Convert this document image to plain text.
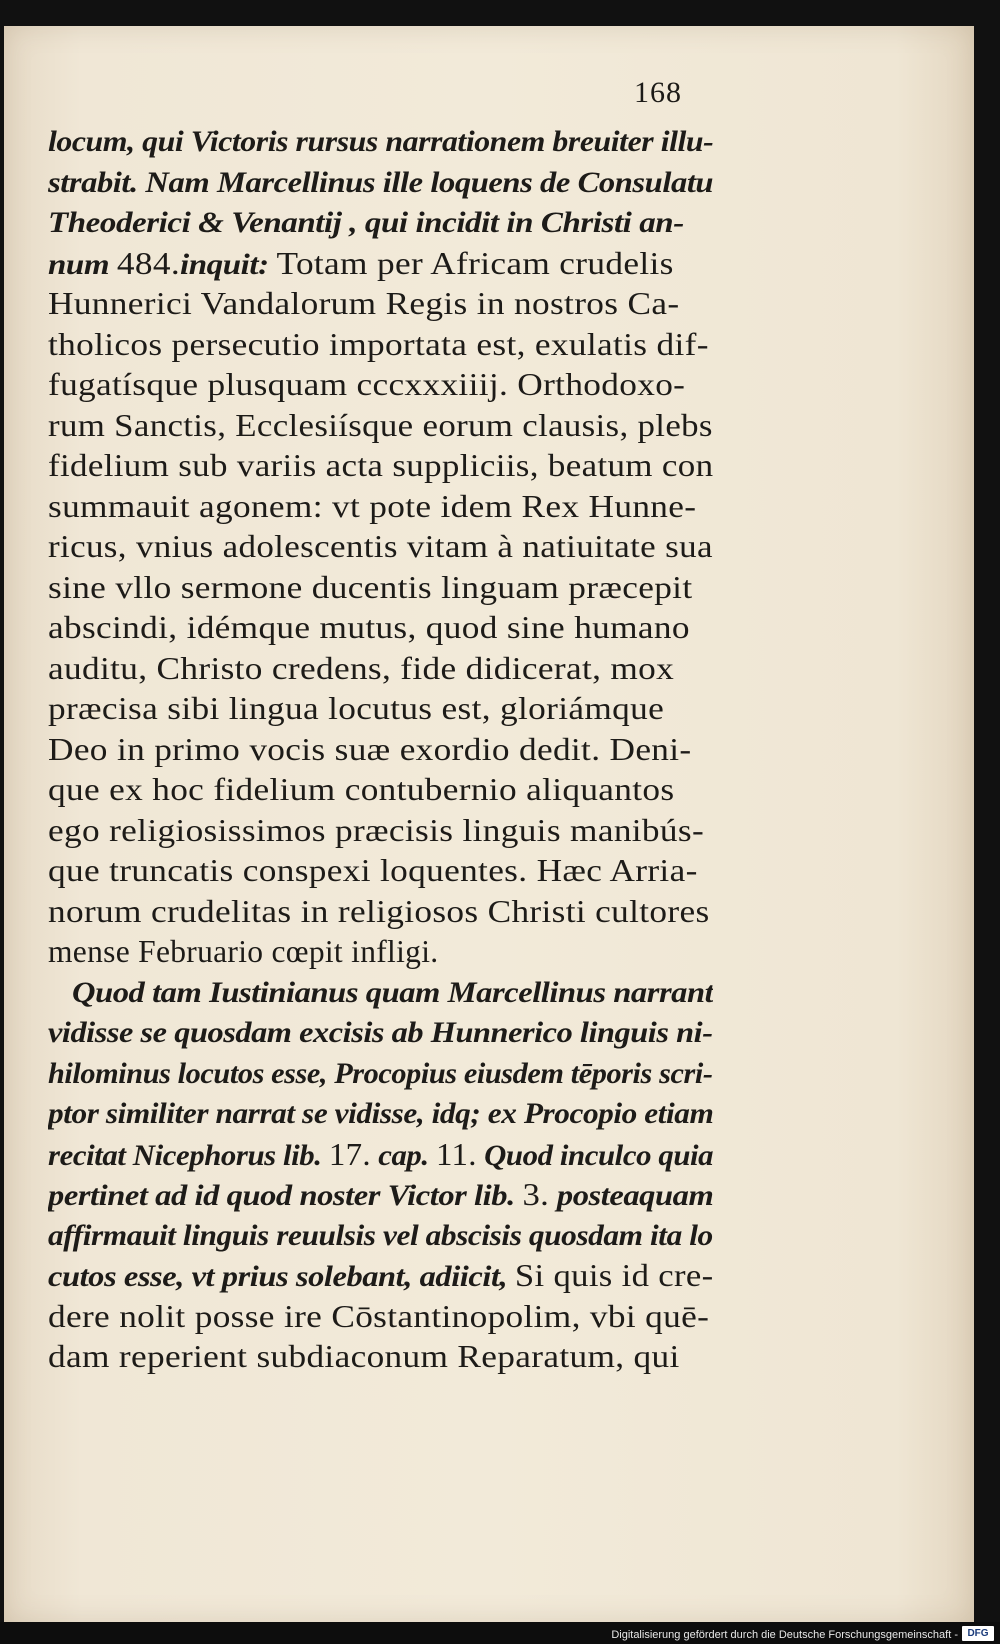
168
locum, qui Victoris rursus narrationem breuiter illu-
strabit. Nam Marcellinus ille loquens de Consulatu
Theoderici & Venantij , qui incidit in Christi an-
num 484.inquit: Totam per Africam crudelis
Hunnerici Vandalorum Regis in nostros Ca-
tholicos persecutio importata est, exulatis dif-
fugatísque plusquam cccxxxiiij. Orthodoxo-
rum Sanctis, Ecclesiísque eorum clausis, plebs
fidelium sub variis acta suppliciis, beatum con
summauit agonem: vt pote idem Rex Hunne-
ricus, vnius adolescentis vitam à natiuitate sua
sine vllo sermone ducentis linguam præcepit
abscindi, idémque mutus, quod sine humano
auditu, Christo credens, fide didicerat, mox
præcisa sibi lingua locutus est, gloriámque
Deo in primo vocis suæ exordio dedit. Deni-
que ex hoc fidelium contubernio aliquantos
ego religiosissimos præcisis linguis manibús-
que truncatis conspexi loquentes. Hæc Arria-
norum crudelitas in religiosos Christi cultores
mense Februario cœpit infligi.
Quod tam Iustinianus quam Marcellinus narrant
vidisse se quosdam excisis ab Hunnerico linguis ni-
hilominus locutos esse, Procopius eiusdem tēporis scri-
ptor similiter narrat se vidisse, idq; ex Procopio etiam
recitat Nicephorus lib. 17. cap. 11. Quod inculco quia
pertinet ad id quod noster Victor lib. 3. posteaquam
affirmauit linguis reuulsis vel abscisis quosdam ita lo
cutos esse, vt prius solebant, adiicit, Si quis id cre-
dere nolit posse ire Cōstantinopolim, vbi quē-
dam reperient subdiaconum Reparatum, qui
Digitalisierung gefördert durch die Deutsche Forschungsgemeinschaft - DFG
